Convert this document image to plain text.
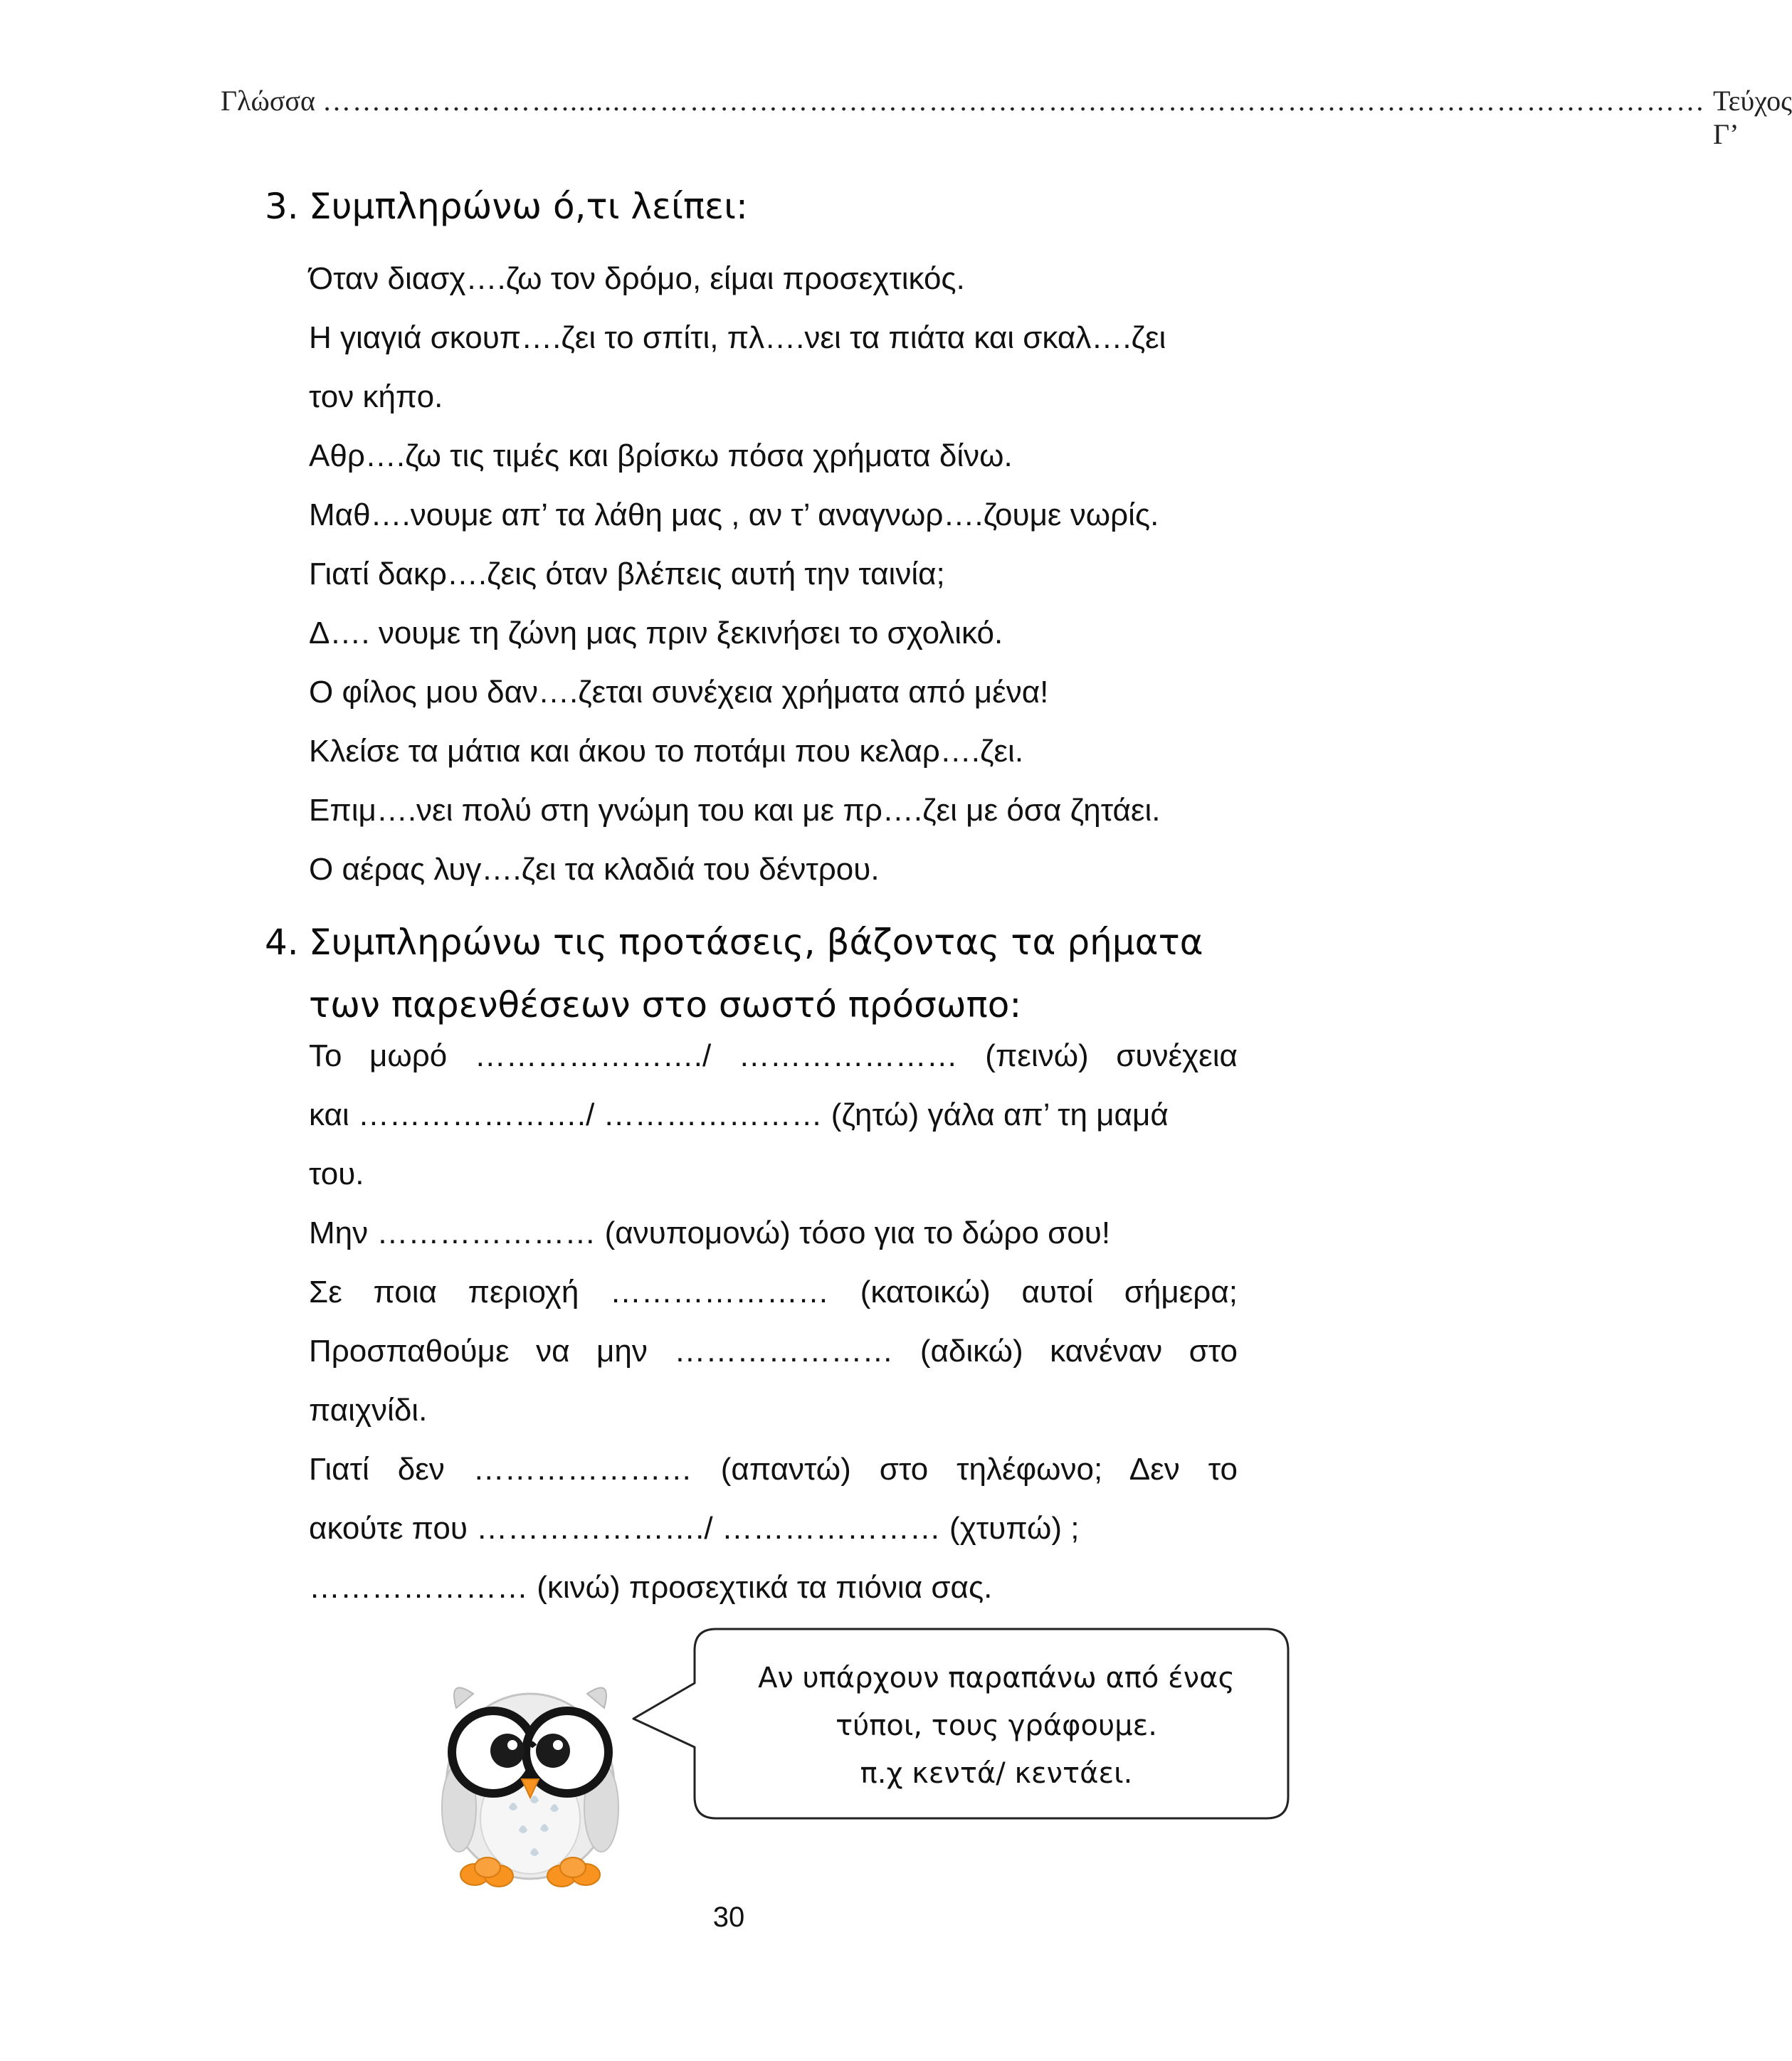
Γλώσσα ……………………........……………………………………………………………………………………………… Τεύχος Γ’
3. Συμπληρώνω ό,τι λείπει:
Όταν διασχ….ζω τον δρόμο, είμαι προσεχτικός.
Η γιαγιά σκουπ….ζει το σπίτι, πλ….νει τα πιάτα και σκαλ….ζει
τον κήπο.
Αθρ….ζω τις τιμές και βρίσκω πόσα χρήματα δίνω.
Μαθ….νουμε απ’ τα λάθη μας , αν τ’ αναγνωρ….ζουμε νωρίς.
Γιατί δακρ….ζεις όταν βλέπεις αυτή την ταινία;
Δ…. νουμε τη ζώνη μας πριν ξεκινήσει το σχολικό.
Ο φίλος μου δαν….ζεται συνέχεια χρήματα από μένα!
Κλείσε τα μάτια και άκου το ποτάμι που κελαρ….ζει.
Επιμ….νει πολύ στη γνώμη του και με πρ….ζει με όσα ζητάει.
Ο αέρας λυγ….ζει τα κλαδιά του δέντρου.
4. Συμπληρώνω τις προτάσεις, βάζοντας τα ρήματα των παρενθέσεων στο σωστό πρόσωπο:
Το μωρό …………………./ ………………… (πεινώ) συνέχεια
και …………………./ ………………… (ζητώ) γάλα απ’ τη μαμά
του.
Μην ………………… (ανυπομονώ) τόσο για το δώρο σου!
Σε ποια περιοχή ………………… (κατοικώ) αυτοί σήμερα;
Προσπαθούμε να μην ………………… (αδικώ) κανέναν στο
παιχνίδι.
Γιατί δεν ………………… (απαντώ) στο τηλέφωνο; Δεν το
ακούτε που …………………./ ………………… (χτυπώ) ;
………………… (κινώ) προσεχτικά τα πιόνια σας.
Αν υπάρχουν παραπάνω από ένας
τύποι, τους γράφουμε.
π.χ κεντά/ κεντάει.
30
